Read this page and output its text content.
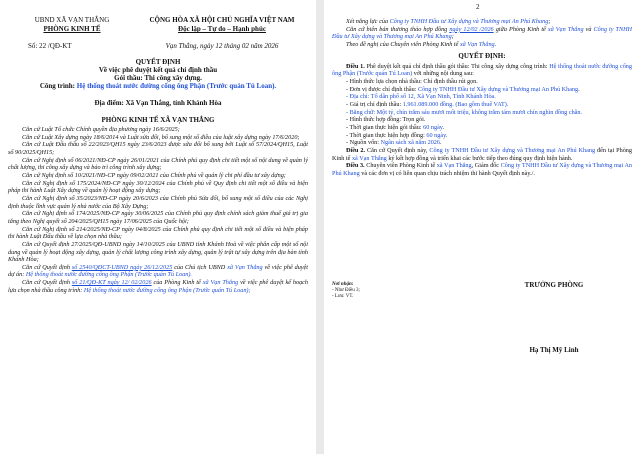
UBND XÃ VẠN THẮNG
PHÒNG KINH TẾ
Số: 22 /QĐ-KT
CỘNG HÒA XÃ HỘI CHỦ NGHĨA VIỆT NAM
Độc lập – Tự do – Hạnh phúc
Vạn Thắng, ngày 12 tháng 02 năm 2026
QUYẾT ĐỊNH
Về việc phê duyệt kết quả chỉ định thầu
Gói thầu: Thi công xây dựng.
Công trình: Hệ thống thoát nước đường cống ông Phận (Trước quán Tú Loan).
Địa điểm: Xã Vạn Thắng, tỉnh Khánh Hòa
PHÒNG KINH TẾ XÃ VẠN THẮNG

Căn cứ Luật Tổ chức Chính quyền địa phương ngày 16/6/2025;

Căn cứ Luật Xây dựng ngày 18/6/2014 và Luật sửa đổi, bổ sung một số điều của luật xây dựng ngày 17/6/2020;

Căn cứ Luật Đấu thầu số 22/2023/QH15 ngày 23/6/2023 được sửa đổi bổ sung bởi Luật số 57/2024/QH15, Luật số 90/2025/QH15;

Căn cứ Nghị định số 06/2021/NĐ-CP ngày 26/01/2021 của Chính phủ quy định chi tiết một số nội dung về quản lý chất lượng, thi công xây dựng và bảo trì công trình xây dựng;

Căn cứ Nghị định số 10/2021/NĐ-CP ngày 09/02/2021 của Chính phủ về quản lý chi phí đầu tư xây dựng;

Căn cứ Nghị định số 175/2024/NĐ-CP ngày 30/12/2024 của Chính phủ về Quy định chi tiết một số điều và biện pháp thi hành Luật Xây dựng về quản lý hoạt động xây dựng;

Căn cứ Nghị định số 35/2023/NĐ-CP ngày 20/6/2023 của Chính phủ Sửa đổi, bổ sung một số điều của các Nghị định thuộc lĩnh vực quản lý nhà nước của Bộ Xây Dựng;

Căn cứ Nghị định số 174/2025/NĐ-CP ngày 30/06/2025 của Chính phủ quy định chính sách giảm thuế giá trị gia tăng theo Nghị quyết số 204/2025/QH15 ngày 17/06/2025 của Quốc hội;

Căn cứ Nghị định số 214/2025/NĐ-CP ngày 04/8/2025 của Chính phủ quy định chi tiết một số điều và biện pháp thi hành Luật Đấu thầu về lựa chọn nhà thầu;

Căn cứ Quyết định 27/2025/QĐ-UBND ngày 14/10/2025 của UBND tỉnh Khánh Hoà về việc phân cấp một số nội dung về quản lý hoạt động xây dựng, quản lý chất lượng công trình xây dựng, quản lý trật tự xây dựng trên địa bàn tỉnh Khánh Hòa;

Căn cứ Quyết định số 2540/QĐCT-UBND ngày 26/12/2025 của Chủ tịch UBND xã Vạn Thắng về việc phê duyệt dự án: Hệ thống thoát nước đường cống ông Phận (Trước quán Tú Loan).

Căn cứ Quyết định số 21/QĐ-KT ngày 12/ 02/2026 của Phòng Kinh tế xã Vạn Thắng về việc phê duyệt kế hoạch lựa chọn nhà thầu công trình: Hệ thống thoát nước đường cống ông Phận (Trước quán Tú Loan);

2

Xét năng lực của Công ty TNHH Đầu tư Xây dựng và Thương mại An Phú Khang;

Căn cứ biên bản thương thảo hợp đồng ngày 12/02 /2026 giữa Phòng Kinh tế xã Vạn Thắng và Công ty TNHH Đầu tư Xây dựng và Thương mại An Phú Khang;

Theo đề nghị của Chuyên viên Phòng Kinh tế xã Vạn Thắng.

QUYẾT ĐỊNH:

Điều 1. Phê duyệt kết quả chỉ định thầu gói thầu: Thi công xây dựng công trình: Hệ thống thoát nước đường cống ông Phận (Trước quán Tú Loan) với những nội dung sau:

- Hình thức lựa chọn nhà thầu: Chỉ định thầu rút gọn.

- Đơn vị được chỉ định thầu: Công ty TNHH Đầu tư Xây dựng và Thương mại An Phú Khang.

- Địa chỉ: Tổ dân phố số 12, Xã Vạn Ninh, Tỉnh Khánh Hòa.

- Giá trị chỉ định thầu: 1.961.089.000 đồng. (Bao gồm thuế VAT).

- Bằng chữ: Một tỷ, chín trăm sáu mươi mốt triệu, không trăm tám mươi chín nghìn đồng chẵn.

- Hình thức hợp đồng: Trọn gói.

- Thời gian thực hiện gói thầu: 60 ngày.

- Thời gian thực hiện hợp đồng: 60 ngày.

- Nguồn vốn: Ngân sách xã năm 2026.

Điều 2. Căn cứ Quyết định này, Công ty TNHH Đầu tư Xây dựng và Thương mại An Phú Khang đến tại Phòng Kinh tế xã Vạn Thắng ký kết hợp đồng và triển khai các bước tiếp theo đúng quy định hiện hành.

Điều 3. Chuyên viên Phòng Kinh tế xã Vạn Thắng, Giám đốc Công ty TNHH Đầu tư Xây dựng và Thương mại An Phú Khang và các đơn vị có liên quan chịu trách nhiệm thi hành Quyết định này./.

Nơi nhận:
- Như Điều 3;
- Lưu: VT.
TRƯỞNG PHÒNG
Hạ Thị Mỹ Linh
